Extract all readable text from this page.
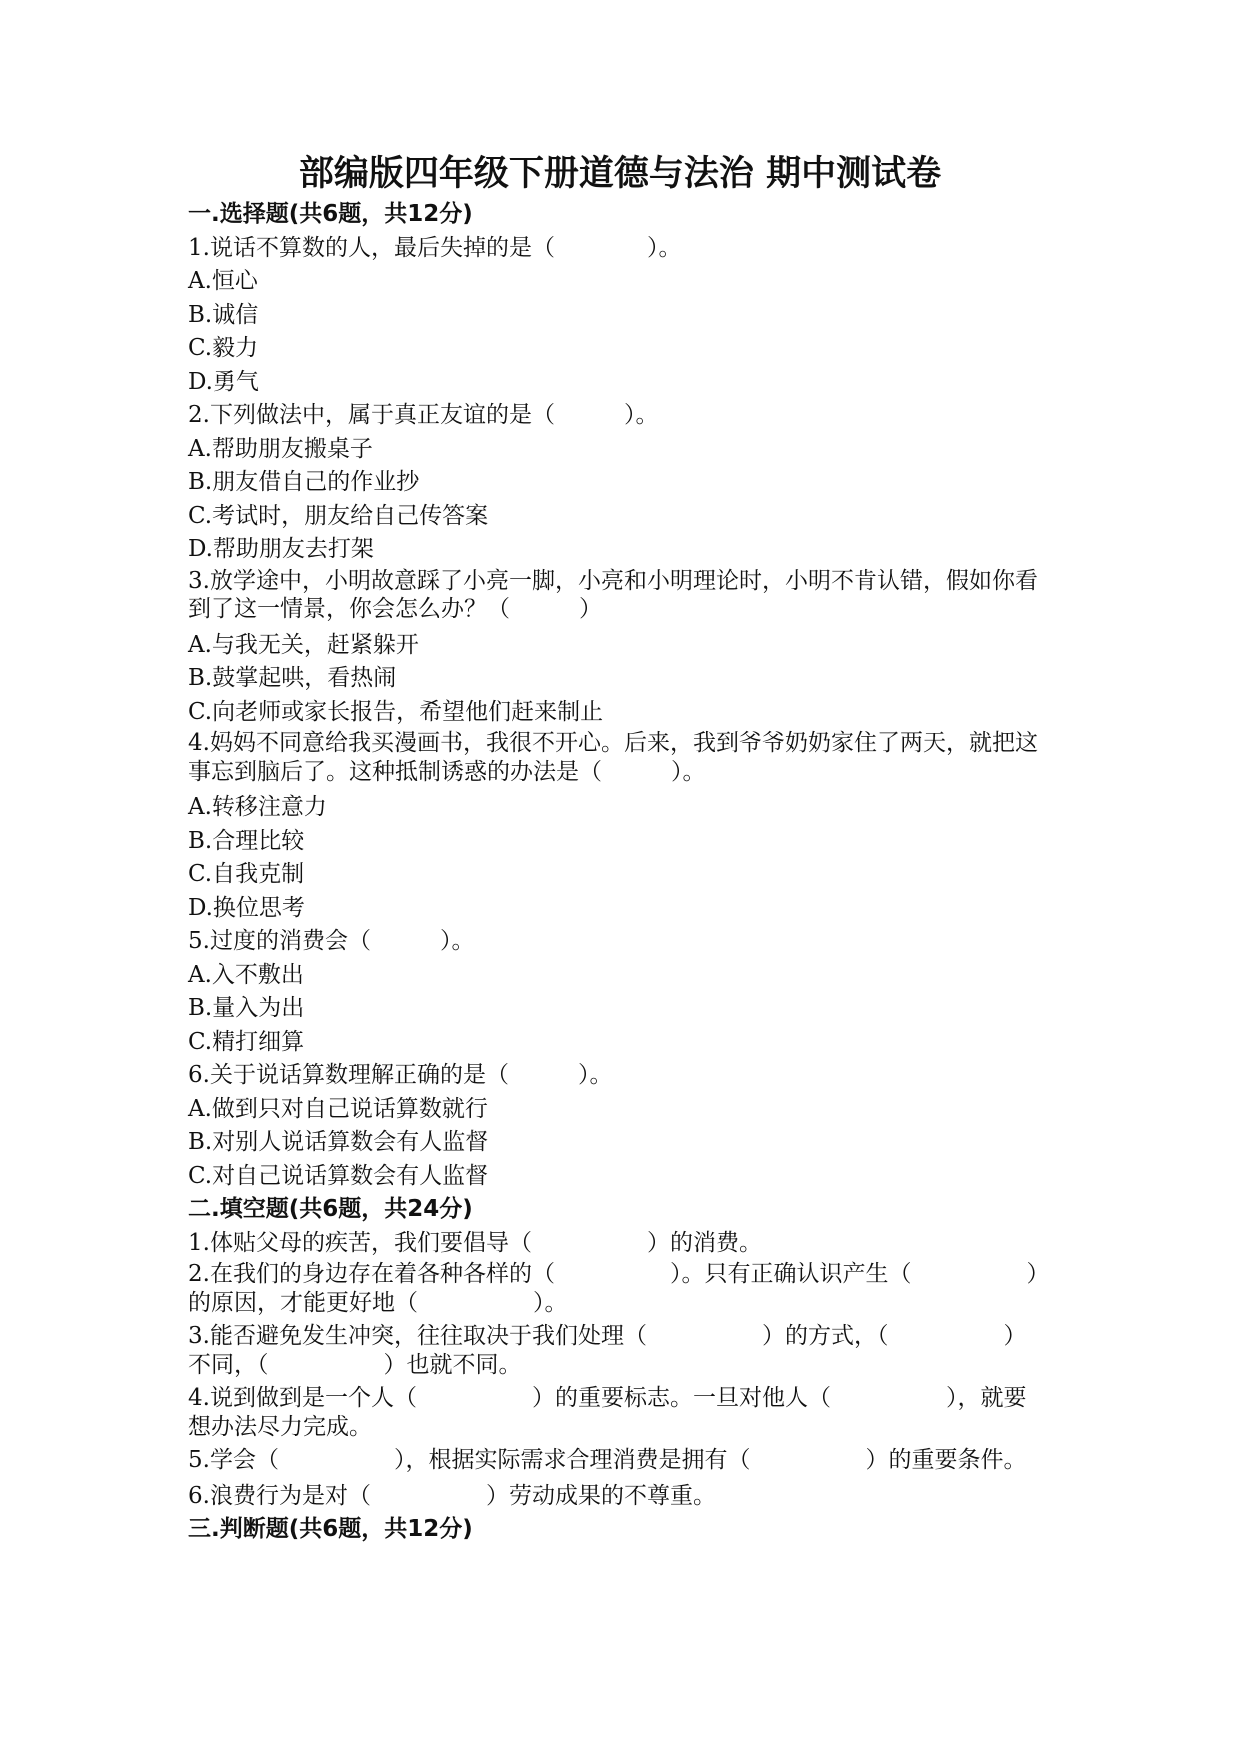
部编版四年级下册道德与法治 期中测试卷
一.选择题(共6题，共12分)
1.说话不算数的人，最后失掉的是（　　　　）。
A.恒心
B.诚信
C.毅力
D.勇气
2.下列做法中，属于真正友谊的是（　　　）。
A.帮助朋友搬桌子
B.朋友借自己的作业抄
C.考试时，朋友给自己传答案
D.帮助朋友去打架
3.放学途中，小明故意踩了小亮一脚，小亮和小明理论时，小明不肯认错，假如你看到了这一情景，你会怎么办？（　　　）
A.与我无关，赶紧躲开
B.鼓掌起哄，看热闹
C.向老师或家长报告，希望他们赶来制止
4.妈妈不同意给我买漫画书，我很不开心。后来，我到爷爷奶奶家住了两天，就把这事忘到脑后了。这种抵制诱惑的办法是（　　　）。
A.转移注意力
B.合理比较
C.自我克制
D.换位思考
5.过度的消费会（　　　）。
A.入不敷出
B.量入为出
C.精打细算
6.关于说话算数理解正确的是（　　　）。
A.做到只对自己说话算数就行
B.对别人说话算数会有人监督
C.对自己说话算数会有人监督
二.填空题(共6题，共24分)
1.体贴父母的疾苦，我们要倡导（　　　　　）的消费。
2.在我们的身边存在着各种各样的（　　　　　）。只有正确认识产生（　　　　　）的原因，才能更好地（　　　　　）。
3.能否避免发生冲突，往往取决于我们处理（　　　　　）的方式，（　　　　　）不同，（　　　　　）也就不同。
4.说到做到是一个人（　　　　　）的重要标志。一旦对他人（　　　　　），就要想办法尽力完成。
5.学会（　　　　　），根据实际需求合理消费是拥有（　　　　　）的重要条件。
6.浪费行为是对（　　　　　）劳动成果的不尊重。
三.判断题(共6题，共12分)
